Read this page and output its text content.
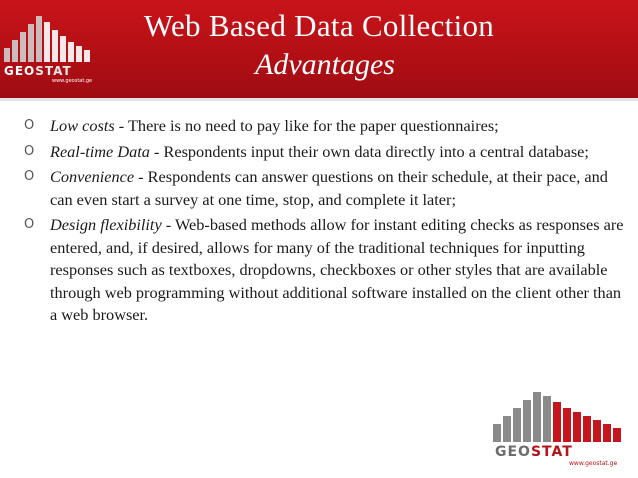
Web Based Data Collection
Advantages
GEOSTAT
www.geostat.ge
O Low costs - There is no need to pay like for the paper questionnaires;
O Real-time Data - Respondents input their own data directly into a central database;
O Convenience - Respondents can answer questions on their schedule, at their pace, and can even start a survey at one time, stop, and complete it later;
O Design flexibility - Web-based methods allow for instant editing checks as responses are entered, and, if desired, allows for many of the traditional techniques for inputting responses such as textboxes, dropdowns, checkboxes or other styles that are available through web programming without additional software installed on the client other than a web browser.
GEOSTAT
www.geostat.ge
